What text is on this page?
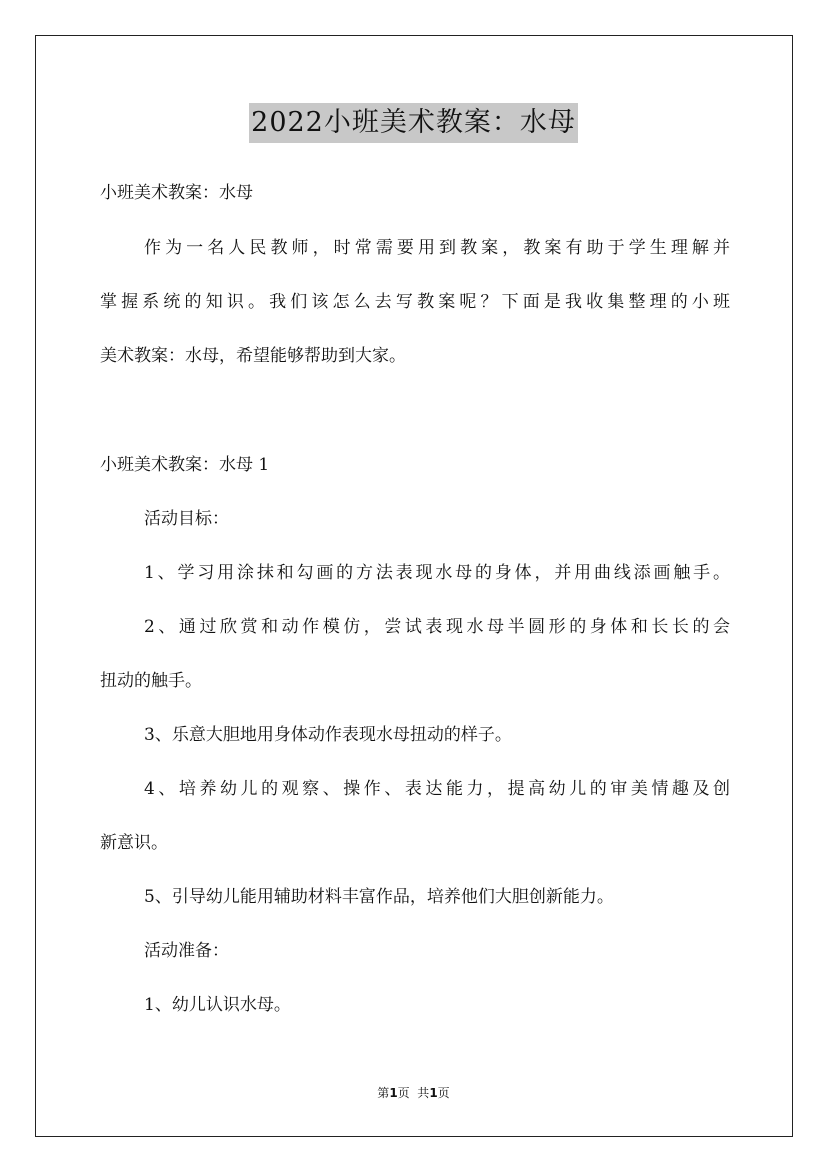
2022小班美术教案：水母
小班美术教案：水母
作为一名人民教师，时常需要用到教案，教案有助于学生理解并
掌握系统的知识。我们该怎么去写教案呢？下面是我收集整理的小班
美术教案：水母，希望能够帮助到大家。
小班美术教案：水母 1
活动目标：
1、学习用涂抹和勾画的方法表现水母的身体，并用曲线添画触手。
2、通过欣赏和动作模仿，尝试表现水母半圆形的身体和长长的会
扭动的触手。
3、乐意大胆地用身体动作表现水母扭动的样子。
4、培养幼儿的观察、操作、表达能力，提高幼儿的审美情趣及创
新意识。
5、引导幼儿能用辅助材料丰富作品，培养他们大胆创新能力。
活动准备：
1、幼儿认识水母。
第1页  共1页
